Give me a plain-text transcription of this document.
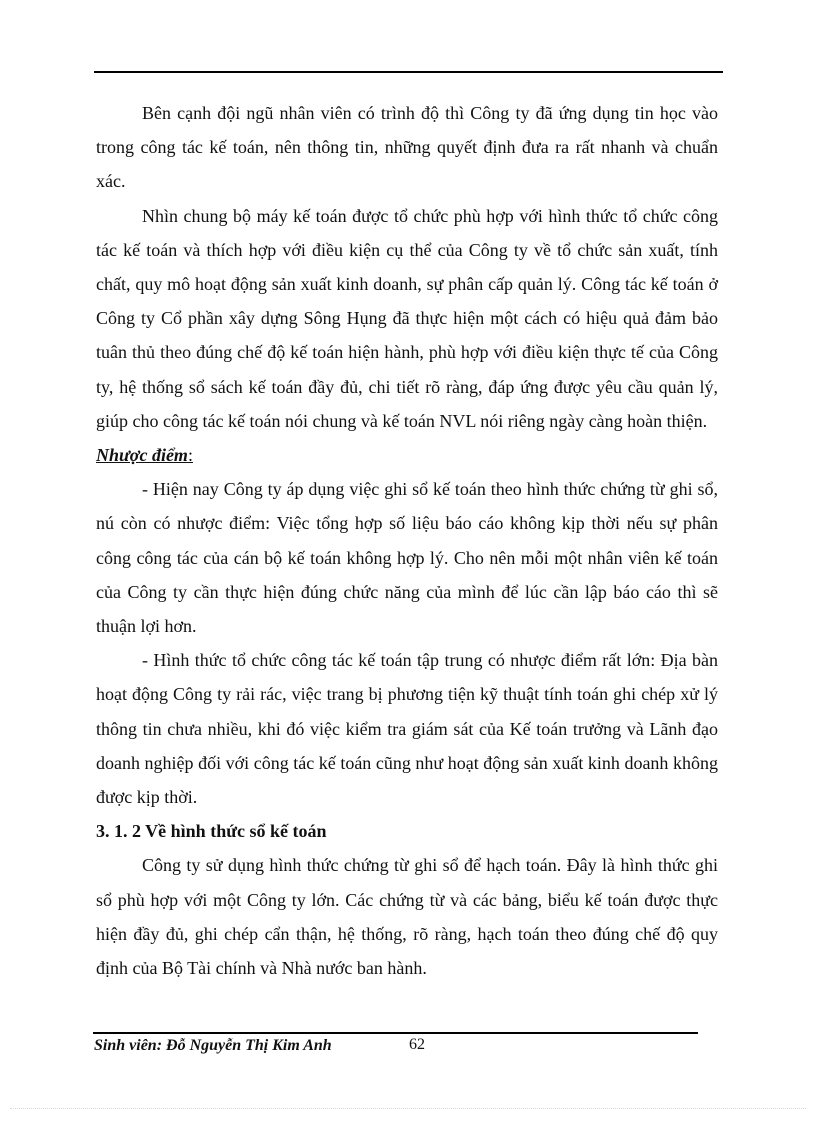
Bên cạnh đội ngũ nhân viên có trình độ thì Công ty đã ứng dụng tin học vào trong công tác kế toán, nên thông tin, những quyết định đưa ra rất nhanh và chuẩn xác.

Nhìn chung bộ máy kế toán được tổ chức phù hợp với hình thức tổ chức công tác kế toán và thích hợp với điều kiện cụ thể của Công ty về tổ chức sản xuất, tính chất, quy mô hoạt động sản xuất kinh doanh, sự phân cấp quản lý. Công tác kế toán ở Công ty Cổ phần xây dựng Sông Hụng đã thực hiện một cách có hiệu quả đảm bảo tuân thủ theo đúng chế độ kế toán hiện hành, phù hợp với điều kiện thực tế của Công ty, hệ thống sổ sách kế toán đầy đủ, chi tiết rõ ràng, đáp ứng được yêu cầu quản lý, giúp cho công tác kế toán nói chung và kế toán NVL nói riêng ngày càng hoàn thiện.

Nhược điểm:

- Hiện nay Công ty áp dụng việc ghi sổ kế toán theo hình thức chứng từ ghi sổ, nú còn có nhược điểm: Việc tổng hợp số liệu báo cáo không kịp thời nếu sự phân công công tác của cán bộ kế toán không hợp lý. Cho nên mỗi một nhân viên kế toán của Công ty cần thực hiện đúng chức năng của mình để lúc cần lập báo cáo thì sẽ thuận lợi hơn.

- Hình thức tổ chức công tác kế toán tập trung có nhược điểm rất lớn: Địa bàn hoạt động Công ty rải rác, việc trang bị phương tiện kỹ thuật tính toán ghi chép xử lý thông tin chưa nhiều, khi đó việc kiểm tra giám sát của Kế toán trưởng và Lãnh đạo doanh nghiệp đối với công tác kế toán cũng như hoạt động sản xuất kinh doanh không được kịp thời.

3. 1. 2 Về hình thức sổ kế toán

Công ty sử dụng hình thức chứng từ ghi sổ để hạch toán. Đây là hình thức ghi sổ phù hợp với một Công ty lớn. Các chứng từ và các bảng, biểu kế toán được thực hiện đầy đủ, ghi chép cẩn thận, hệ thống, rõ ràng, hạch toán theo đúng chế độ quy định của Bộ Tài chính và Nhà nước ban hành.

Sinh viên: Đỗ Nguyễn Thị Kim Anh	62
